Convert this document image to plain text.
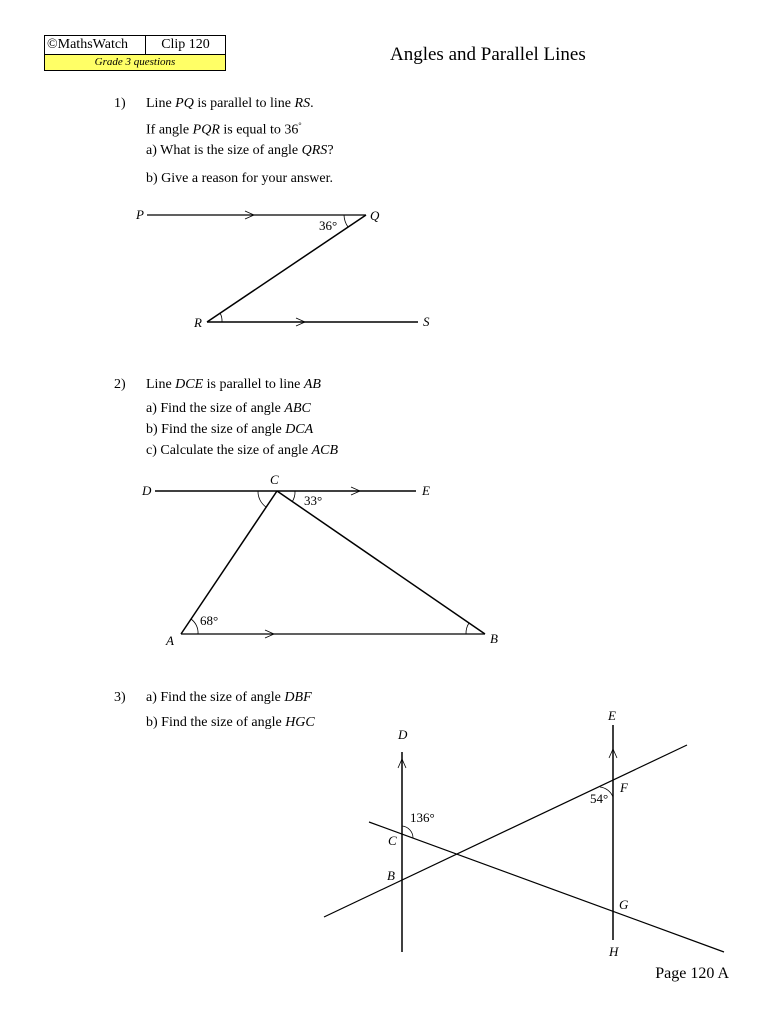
©MathsWatch	Clip 120
Grade 3 questions	Angles and Parallel Lines
1) Line PQ is parallel to line RS.
If angle PQR is equal to 36°
a) What is the size of angle QRS?
b) Give a reason for your answer.
P	Q
R	S
36°
D
C
E
A	B
33°
68°
D
E
F
C
B
G
H
136°
54°
2) Line DCE is parallel to line AB
a) Find the size of angle ABC
b) Find the size of angle DCA
c) Calculate the size of angle ACB
3) a) Find the size of angle DBF
b) Find the size of angle HGC
Page 120 A
